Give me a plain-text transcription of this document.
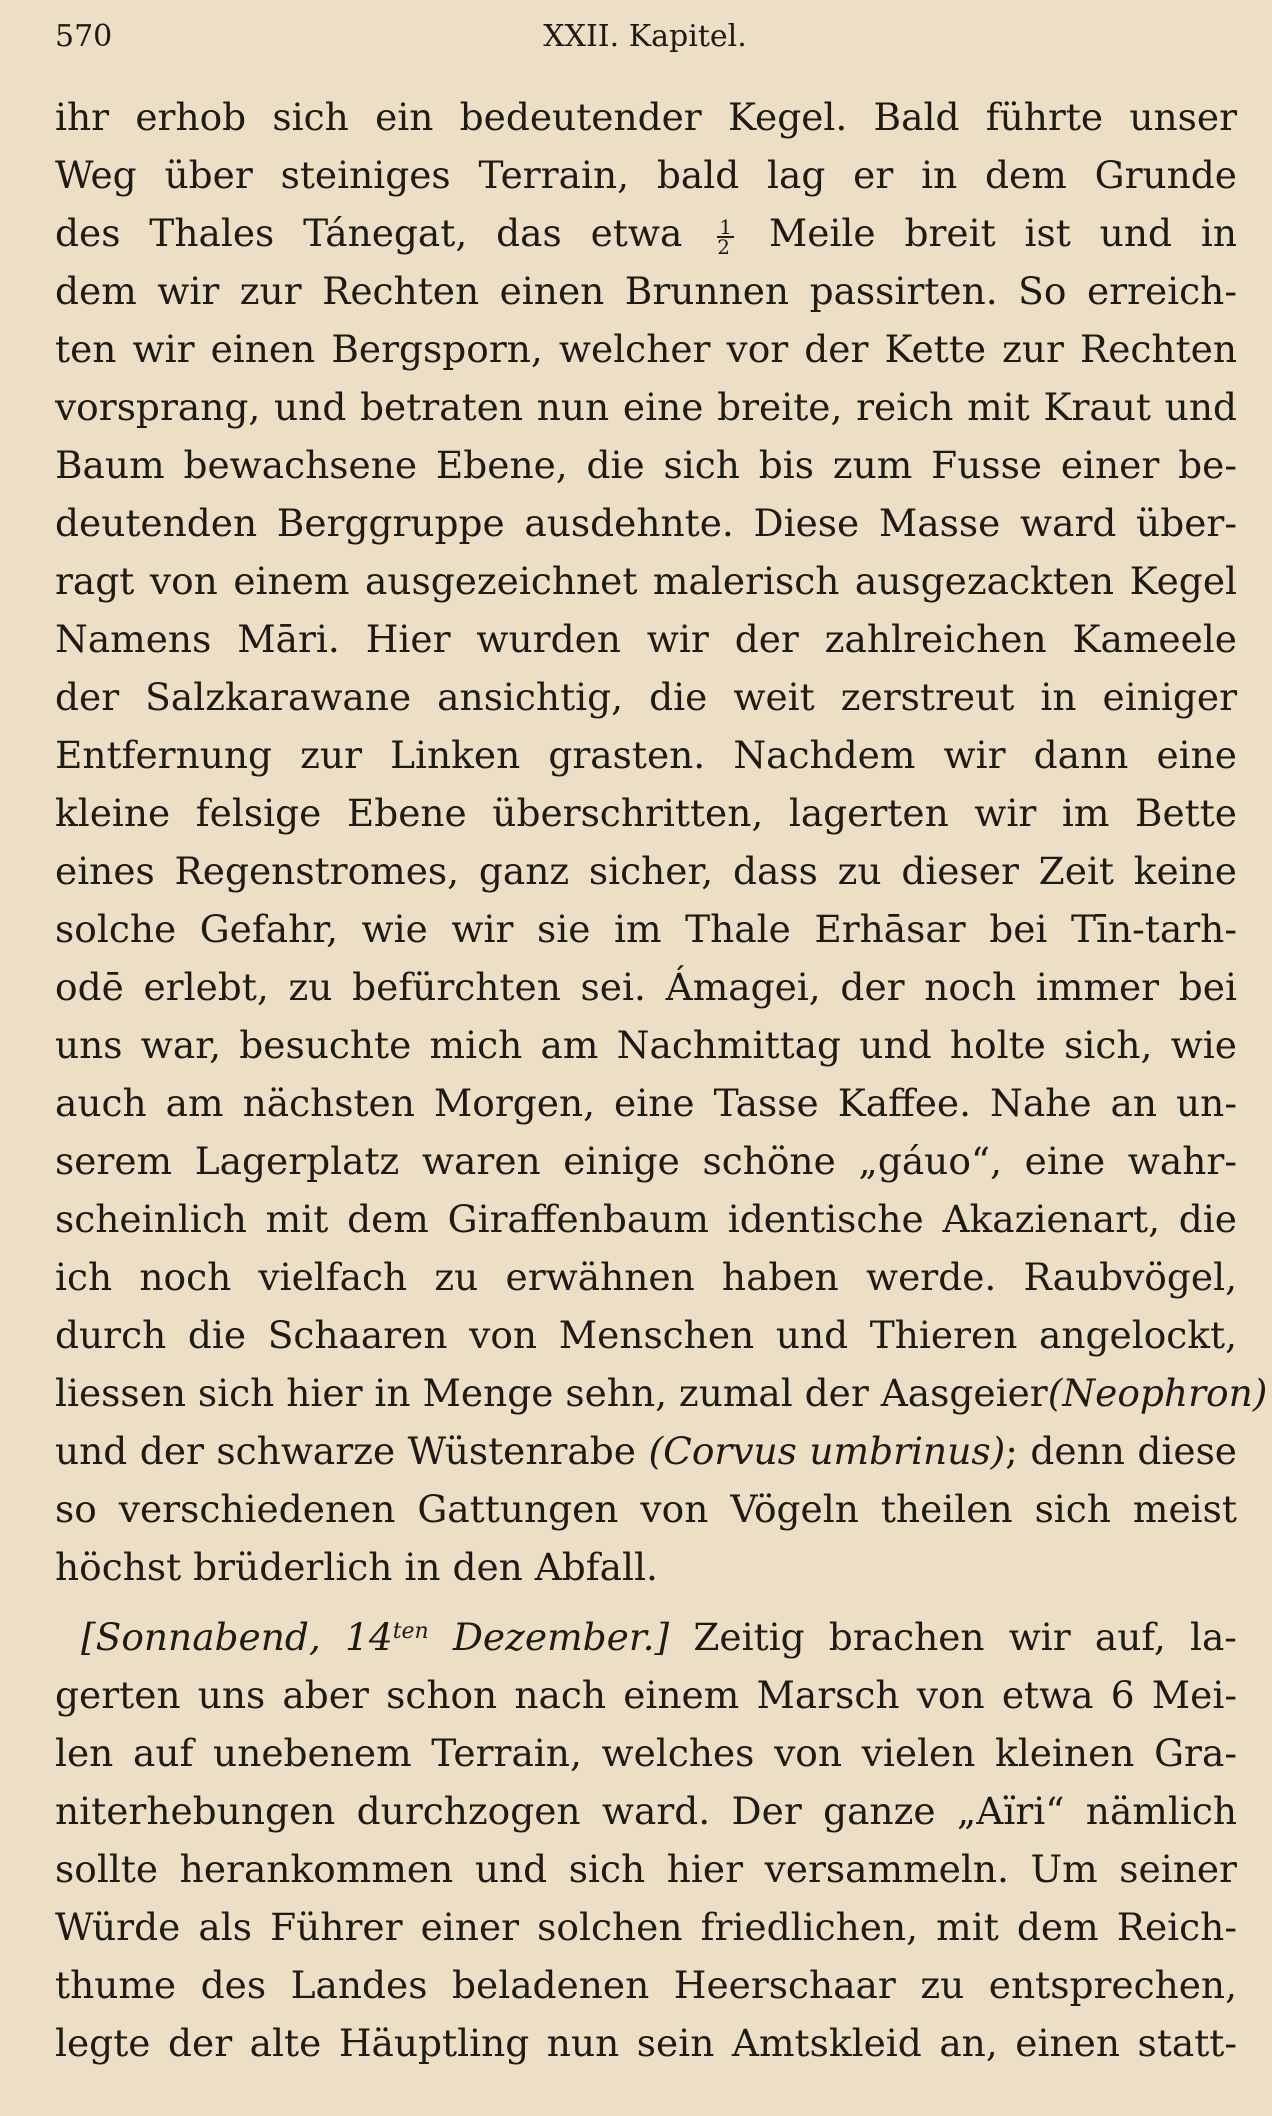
570	XXII. Kapitel.
ihr erhob sich ein bedeutender Kegel. Bald führte unser
Weg über steiniges Terrain, bald lag er in dem Grunde
des Thales Tánegat, das etwa $\frac{1}{2}$ Meile breit ist und in
dem wir zur Rechten einen Brunnen passirten. So erreich-
ten wir einen Bergsporn, welcher vor der Kette zur Rechten
vorsprang, und betraten nun eine breite, reich mit Kraut und
Baum bewachsene Ebene, die sich bis zum Fusse einer be-
deutenden Berggruppe ausdehnte. Diese Masse ward über-
ragt von einem ausgezeichnet malerisch ausgezackten Kegel
Namens Māri. Hier wurden wir der zahlreichen Kameele
der Salzkarawane ansichtig, die weit zerstreut in einiger
Entfernung zur Linken grasten. Nachdem wir dann eine
kleine felsige Ebene überschritten, lagerten wir im Bette
eines Regenstromes, ganz sicher, dass zu dieser Zeit keine
solche Gefahr, wie wir sie im Thale Erhāsar bei Tīn-tarh-
odē erlebt, zu befürchten sei. Ámagei, der noch immer bei
uns war, besuchte mich am Nachmittag und holte sich, wie
auch am nächsten Morgen, eine Tasse Kaffee. Nahe an un-
serem Lagerplatz waren einige schöne „gáuo“, eine wahr-
scheinlich mit dem Giraffenbaum identische Akazienart, die
ich noch vielfach zu erwähnen haben werde. Raubvögel,
durch die Schaaren von Menschen und Thieren angelockt,
liessen sich hier in Menge sehn, zumal der Aasgeier(Neophron)
und der schwarze Wüstenrabe (Corvus umbrinus); denn diese
so verschiedenen Gattungen von Vögeln theilen sich meist
höchst brüderlich in den Abfall.
[Sonnabend, $14^{ten}$ Dezember.] Zeitig brachen wir auf, la-
gerten uns aber schon nach einem Marsch von etwa 6 Mei-
len auf unebenem Terrain, welches von vielen kleinen Gra-
niterhebungen durchzogen ward. Der ganze „Aïri“ nämlich
sollte herankommen und sich hier versammeln. Um seiner
Würde als Führer einer solchen friedlichen, mit dem Reich-
thume des Landes beladenen Heerschaar zu entsprechen,
legte der alte Häuptling nun sein Amtskleid an, einen statt-
